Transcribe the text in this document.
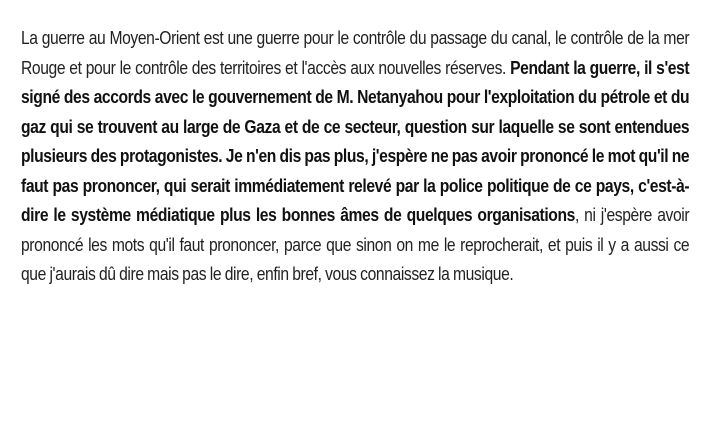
La guerre au Moyen-Orient est une guerre pour le contrôle du passage du canal, le contrôle de la mer Rouge et pour le contrôle des territoires et l'accès aux nouvelles réserves. Pendant la guerre, il s'est signé des accords avec le gouvernement de M. Netanyahou pour l'exploitation du pétrole et du gaz qui se trouvent au large de Gaza et de ce secteur, question sur laquelle se sont entendues plusieurs des protagonistes. Je n'en dis pas plus, j'espère ne pas avoir prononcé le mot qu'il ne faut pas prononcer, qui serait immédiatement relevé par la police politique de ce pays, c'est-à-dire le système médiatique plus les bonnes âmes de quelques organisations, ni j'espère avoir prononcé les mots qu'il faut prononcer, parce que sinon on me le reprocherait, et puis il y a aussi ce que j'aurais dû dire mais pas le dire, enfin bref, vous connaissez la musique.
